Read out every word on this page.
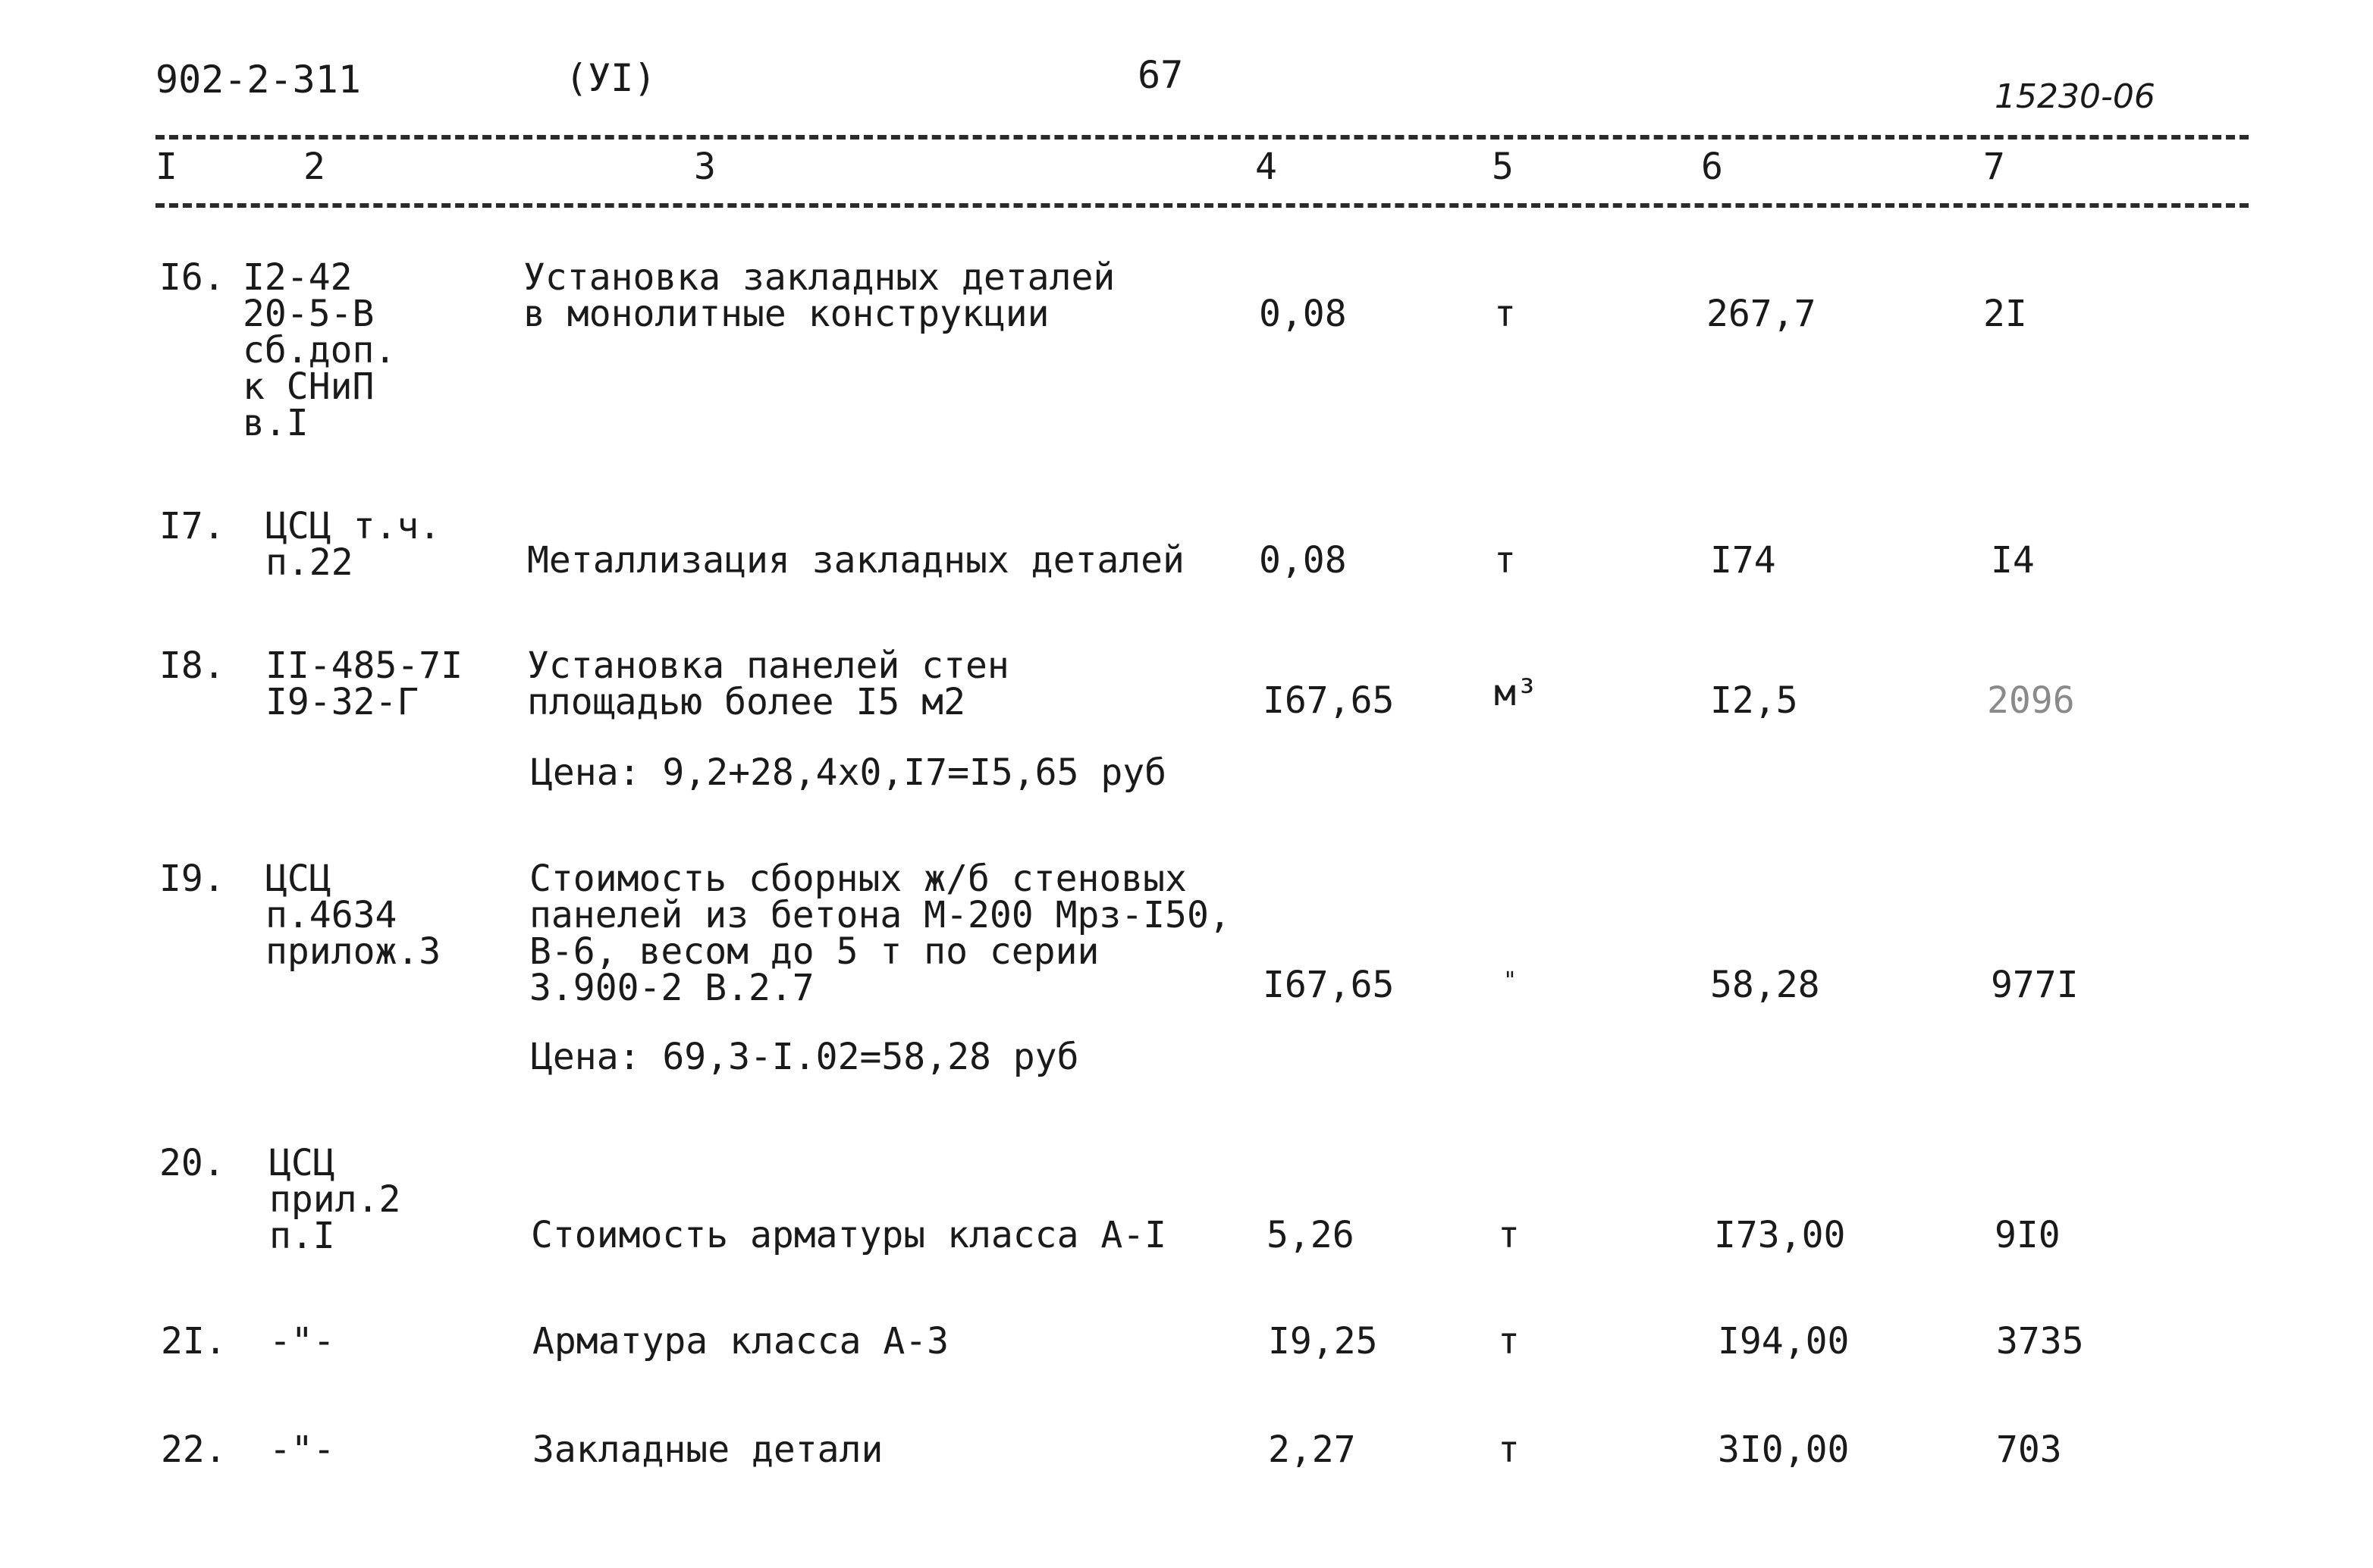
902-2-311	(УI)	67	15230-06
I	2	3	4	5	6	7
I6. I2-42
20-5-В
сб.доп.
к СНиП
в.I
Установка закладных деталей
в монолитные конструкции	0,08	т	267,7	2I
I7. ЦСЦ т.ч.
п.22	Металлизация закладных деталей 0,08	т	I74	I4
I8. II-485-7I
I9-32-Г
Установка панелей стен
площадью более I5 м2
Цена: 9,2+28,4x0,I7=I5,65 руб
I67,65	м³	I2,5	2096
I9. ЦСЦ
п.4634
прилож.3
Стоимость сборных ж/б стеновых
панелей из бетона М-200 Мрз-I50,
В-6, весом до 5 т по серии
3.900-2 В.2.7
Цена: 69,3-I.02=58,28 руб
I67,65	"	58,28	977I
20. ЦСЦ
прил.2
п.I	Стоимость арматуры класса А-I	5,26	т	I73,00	9I0
2I. -"-	Арматура класса А-3	I9,25	т	I94,00	3735
22. -"-	Закладные детали	2,27	т	3I0,00	703
